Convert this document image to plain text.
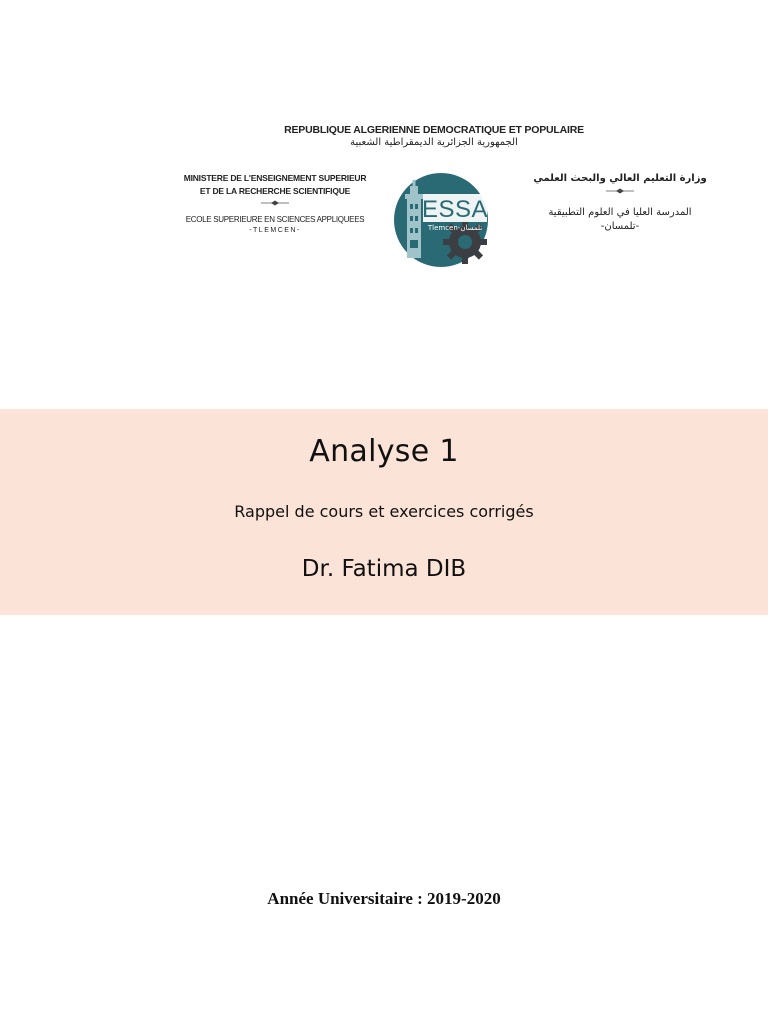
REPUBLIQUE ALGERIENNE DEMOCRATIQUE ET POPULAIRE
الجمهورية الجزائرية الديمقراطية الشعبية
MINISTERE DE L'ENSEIGNEMENT SUPERIEUR
ET DE LA RECHERCHE SCIENTIFIQUE
ECOLE SUPERIEURE EN SCIENCES APPLIQUEES
-TLEMCEN-
ESSA
Tlemcen-تلمسان
وزارة التعليم العالي والبحث العلمي
المدرسة العليا في العلوم التطبيقية
-تلمسان-
Analyse 1
Rappel de cours et exercices corrigés
Dr. Fatima DIB
Année Universitaire : 2019-2020
